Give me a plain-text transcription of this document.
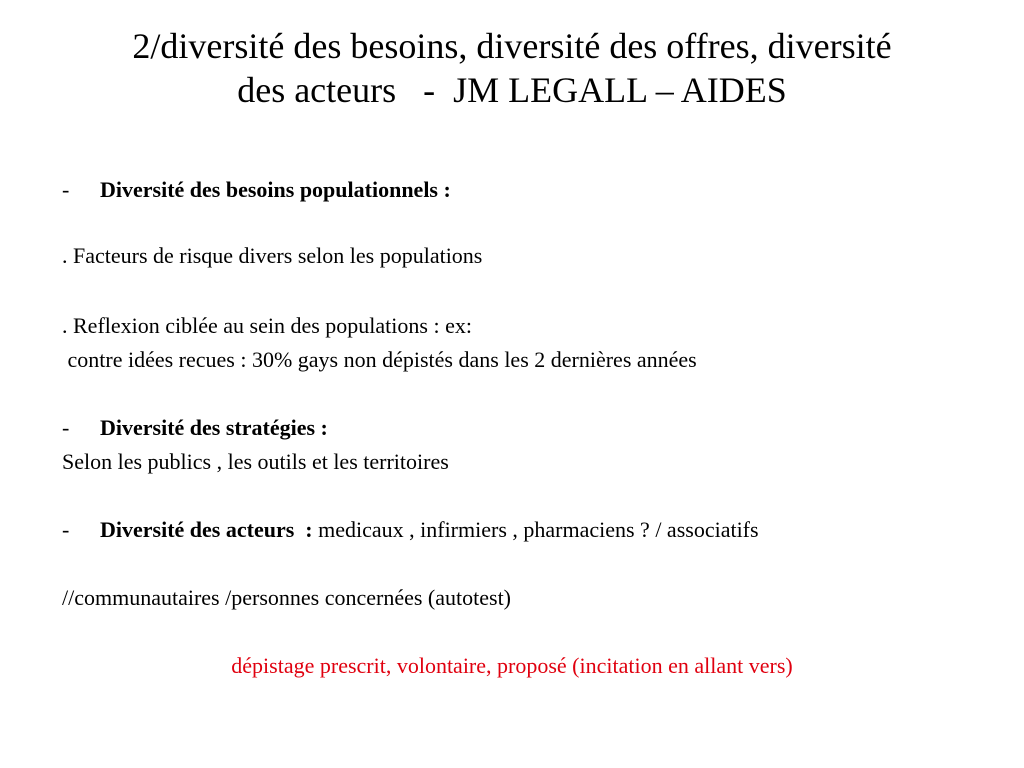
2/diversité des besoins, diversité des offres, diversité
des acteurs   -  JM LEGALL – AIDES
- Diversité des besoins populationnels :
. Facteurs de risque divers selon les populations
. Reflexion ciblée au sein des populations : ex:
contre idées recues : 30% gays non dépistés dans les 2 dernières années
- Diversité des stratégies :
Selon les publics , les outils et les territoires
- Diversité des acteurs  : medicaux , infirmiers , pharmaciens ? / associatifs
//communautaires /personnes concernées (autotest)
dépistage prescrit, volontaire, proposé (incitation en allant vers)
